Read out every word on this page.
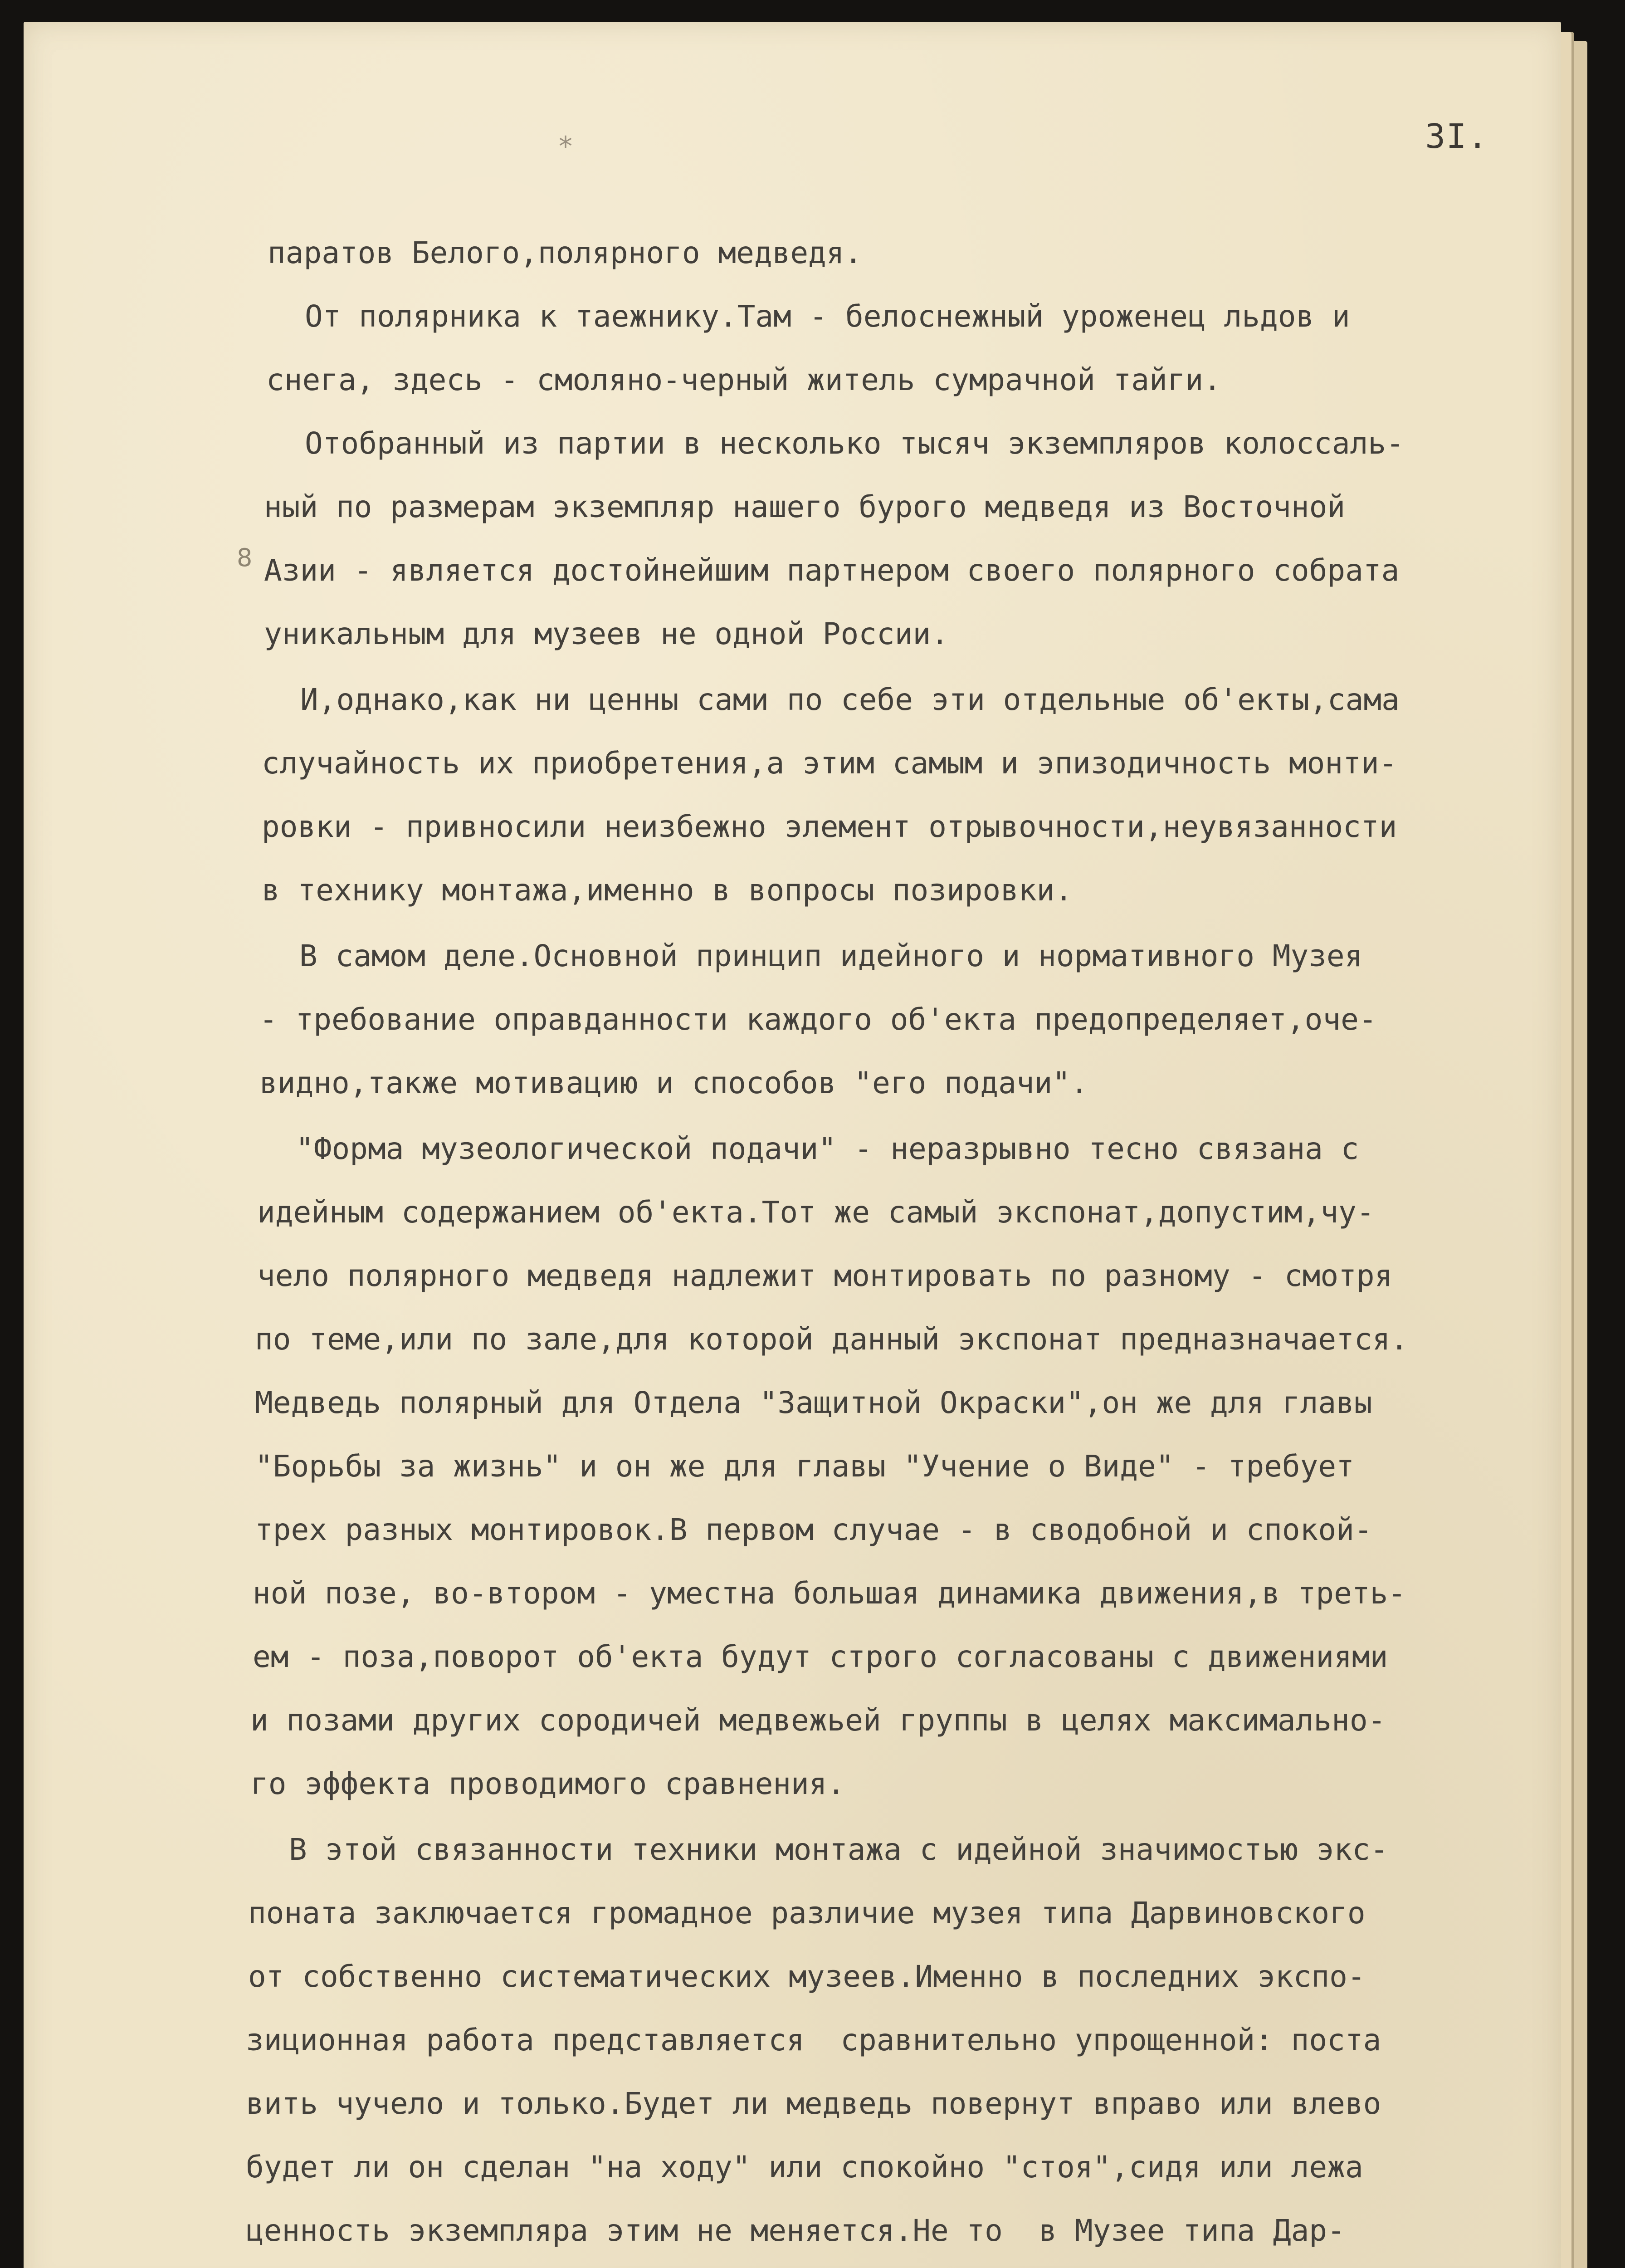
3I.
*
8
паратов Белого,полярного медведя.
От полярника к таежнику.Там - белоснежный уроженец льдов и
снега, здесь - смоляно-черный житель сумрачной тайги.
Отобранный из партии в несколько тысяч экземпляров колоссаль-
ный по размерам экземпляр нашего бурого медведя из Восточной
Азии - является достойнейшим партнером своего полярного собрата
уникальным для музеев не одной России.
И,однако,как ни ценны сами по себе эти отдельные об'екты,сама
случайность их приобретения,а этим самым и эпизодичность монти-
ровки - привносили неизбежно элемент отрывочности,неувязанности
в технику монтажа,именно в вопросы позировки.
В самом деле.Основной принцип идейного и нормативного Музея
- требование оправданности каждого об'екта предопределяет,оче-
видно,также мотивацию и способов "его подачи".
"Форма музеологической подачи" - неразрывно тесно связана с
идейным содержанием об'екта.Тот же самый экспонат,допустим,чу-
чело полярного медведя надлежит монтировать по разному - смотря
по теме,или по зале,для которой данный экспонат предназначается.
Медведь полярный для Отдела "Защитной Окраски",он же для главы
"Борьбы за жизнь" и он же для главы "Учение о Виде" - требует
трех разных монтировок.В первом случае - в сводобной и спокой-
ной позе, во-втором - уместна большая динамика движения,в треть-
ем - поза,поворот об'екта будут строго согласованы с движениями
и позами других сородичей медвежьей группы в целях максимально-
го эффекта проводимого сравнения.
В этой связанности техники монтажа с идейной значимостью экс-
поната заключается громадное различие музея типа Дарвиновского
от собственно систематических музеев.Именно в последних экспо-
зиционная работа представляется  сравнительно упрощенной: поста
вить чучело и только.Будет ли медведь повернут вправо или влево
будет ли он сделан "на ходу" или спокойно "стоя",сидя или лежа
ценность экземпляра этим не меняется.Не то  в Музее типа Дар-
